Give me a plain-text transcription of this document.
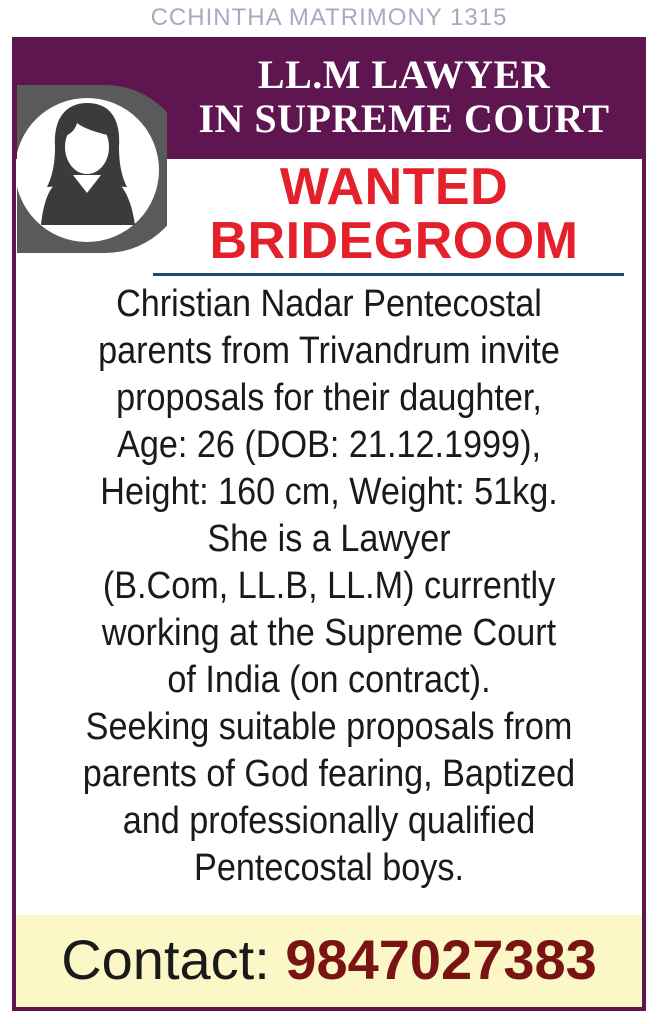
CCHINTHA MATRIMONY 1315
LL.M LAWYER
IN SUPREME COURT
WANTED
BRIDEGROOM
Christian Nadar Pentecostal
parents from Trivandrum invite
proposals for their daughter,
Age: 26 (DOB: 21.12.1999),
Height: 160 cm, Weight: 51kg.
She is a Lawyer
(B.Com, LL.B, LL.M) currently
working at the Supreme Court
of India (on contract).
Seeking suitable proposals from
parents of God fearing, Baptized
and professionally qualified
Pentecostal boys.
Contact: 9847027383
